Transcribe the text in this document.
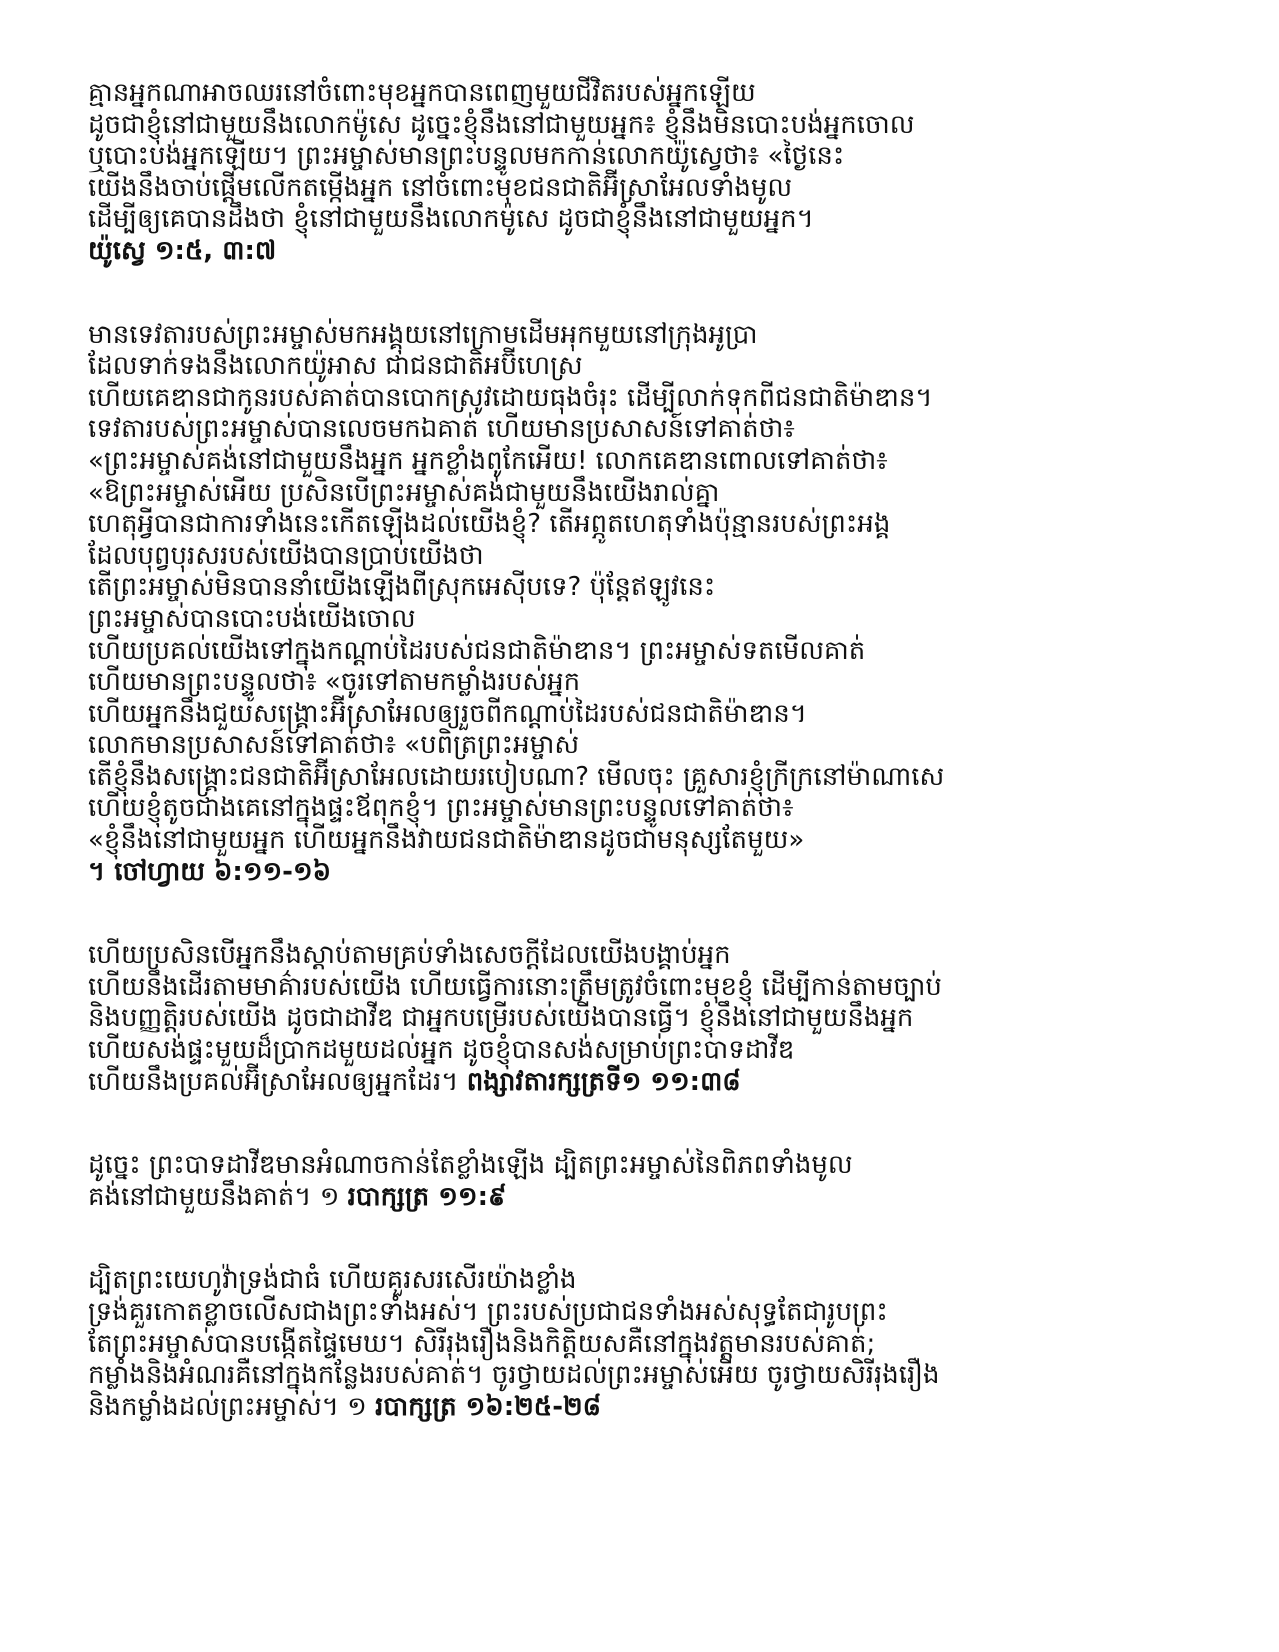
គ្មានអ្នកណាអាចឈរនៅចំពោះមុខអ្នកបានពេញមួយជីវិតរបស់អ្នកឡើយ
ដូចជាខ្ញុំនៅជាមួយនឹងលោកម៉ូសេ ដូច្នេះខ្ញុំនឹងនៅជាមួយអ្នក៖ ខ្ញុំនឹងមិនបោះបង់អ្នកចោល
ឬបោះបង់អ្នកឡើយ។ ព្រះអម្ចាស់មានព្រះបន្ទូលមកកាន់លោកយ៉ូស្វេថា៖ «ថ្ងៃនេះ
យើងនឹងចាប់ផ្ដើមលើកតម្កើងអ្នក នៅចំពោះមុខជនជាតិអ៊ីស្រាអែលទាំងមូល
ដើម្បីឲ្យគេបានដឹងថា ខ្ញុំនៅជាមួយនឹងលោកម៉ូសេ ដូចជាខ្ញុំនឹងនៅជាមួយអ្នក។
យ៉ូស្វេ ១:៥, ៣:៧
មានទេវតារបស់ព្រះអម្ចាស់មកអង្គុយនៅក្រោមដើមអុកមួយនៅក្រុងអូប្រា
ដែលទាក់ទងនឹងលោកយ៉ូអាស ជាជនជាតិអប៊ីហេស្រ
ហើយគេឌានជាកូនរបស់គាត់បានបោកស្រូវដោយធុងចំរុះ ដើម្បីលាក់ទុកពីជនជាតិម៉ាឌាន។
ទេវតារបស់ព្រះអម្ចាស់បានលេចមកឯគាត់ ហើយមានប្រសាសន៍ទៅគាត់ថា៖
«ព្រះអម្ចាស់គង់នៅជាមួយនឹងអ្នក អ្នកខ្លាំងពូកែអើយ! លោកគេឌានពោលទៅគាត់ថា៖
«ឱព្រះអម្ចាស់អើយ ប្រសិនបើព្រះអម្ចាស់គង់ជាមួយនឹងយើងរាល់គ្នា
ហេតុអ្វីបានជាការទាំងនេះកើតឡើងដល់យើងខ្ញុំ? តើអព្ភូតហេតុទាំងប៉ុន្មានរបស់ព្រះអង្គ
ដែលបុព្វបុរសរបស់យើងបានប្រាប់យើងថា
តើព្រះអម្ចាស់មិនបាននាំយើងឡើងពីស្រុកអេស៊ីបទេ? ប៉ុន្តែឥឡូវនេះ
ព្រះអម្ចាស់បានបោះបង់យើងចោល
ហើយប្រគល់យើងទៅក្នុងកណ្ដាប់ដៃរបស់ជនជាតិម៉ាឌាន។ ព្រះអម្ចាស់ទតមើលគាត់
ហើយមានព្រះបន្ទូលថា៖ «ចូរទៅតាមកម្លាំងរបស់អ្នក
ហើយអ្នកនឹងជួយសង្គ្រោះអ៊ីស្រាអែលឲ្យរួចពីកណ្ដាប់ដៃរបស់ជនជាតិម៉ាឌាន។
លោកមានប្រសាសន៍ទៅគាត់ថា៖ «បពិត្រព្រះអម្ចាស់
តើខ្ញុំនឹងសង្គ្រោះជនជាតិអ៊ីស្រាអែលដោយរបៀបណា? មើលចុះ គ្រួសារខ្ញុំក្រីក្រនៅម៉ាណាសេ
ហើយខ្ញុំតូចជាងគេនៅក្នុងផ្ទះឪពុកខ្ញុំ។ ព្រះអម្ចាស់មានព្រះបន្ទូលទៅគាត់ថា៖
«ខ្ញុំនឹងនៅជាមួយអ្នក ហើយអ្នកនឹងវាយជនជាតិម៉ាឌានដូចជាមនុស្សតែមួយ»
។ ចៅហ្វាយ ៦:១១-១៦
ហើយប្រសិនបើអ្នកនឹងស្ដាប់តាមគ្រប់ទាំងសេចក្ដីដែលយើងបង្គាប់អ្នក
ហើយនឹងដើរតាមមាគ៌ារបស់យើង ហើយធ្វើការនោះត្រឹមត្រូវចំពោះមុខខ្ញុំ ដើម្បីកាន់តាមច្បាប់
និងបញ្ញត្តិរបស់យើង ដូចជាដាវីឌ ជាអ្នកបម្រើរបស់យើងបានធ្វើ។ ខ្ញុំនឹងនៅជាមួយនឹងអ្នក
ហើយសង់ផ្ទះមួយដ៏ប្រាកដមួយដល់អ្នក ដូចខ្ញុំបានសង់សម្រាប់ព្រះបាទដាវីឌ
ហើយនឹងប្រគល់អ៊ីស្រាអែលឲ្យអ្នកដែរ។ ពង្សាវតារក្សត្រទី១ ១១:៣៨
ដូច្នេះ ព្រះបាទដាវីឌមានអំណាចកាន់តែខ្លាំងឡើង ដ្បិតព្រះអម្ចាស់នៃពិភពទាំងមូល
គង់នៅជាមួយនឹងគាត់។ ១ របាក្សត្រ ១១:៩
ដ្បិតព្រះយេហូវ៉ាទ្រង់ជាធំ ហើយគួរសរសើរយ៉ាងខ្លាំង
ទ្រង់គួរកោតខ្លាចលើសជាងព្រះទាំងអស់។ ព្រះរបស់ប្រជាជនទាំងអស់សុទ្ធតែជារូបព្រះ
តែព្រះអម្ចាស់បានបង្កើតផ្ទៃមេឃ។ សិរីរុងរឿងនិងកិត្តិយសគឺនៅក្នុងវត្តមានរបស់គាត់;
កម្លាំងនិងអំណរគឺនៅក្នុងកន្លែងរបស់គាត់។ ចូរថ្វាយដល់ព្រះអម្ចាស់អើយ ចូរថ្វាយសិរីរុងរឿង
និងកម្លាំងដល់ព្រះអម្ចាស់។ ១ របាក្សត្រ ១៦:២៥-២៨
